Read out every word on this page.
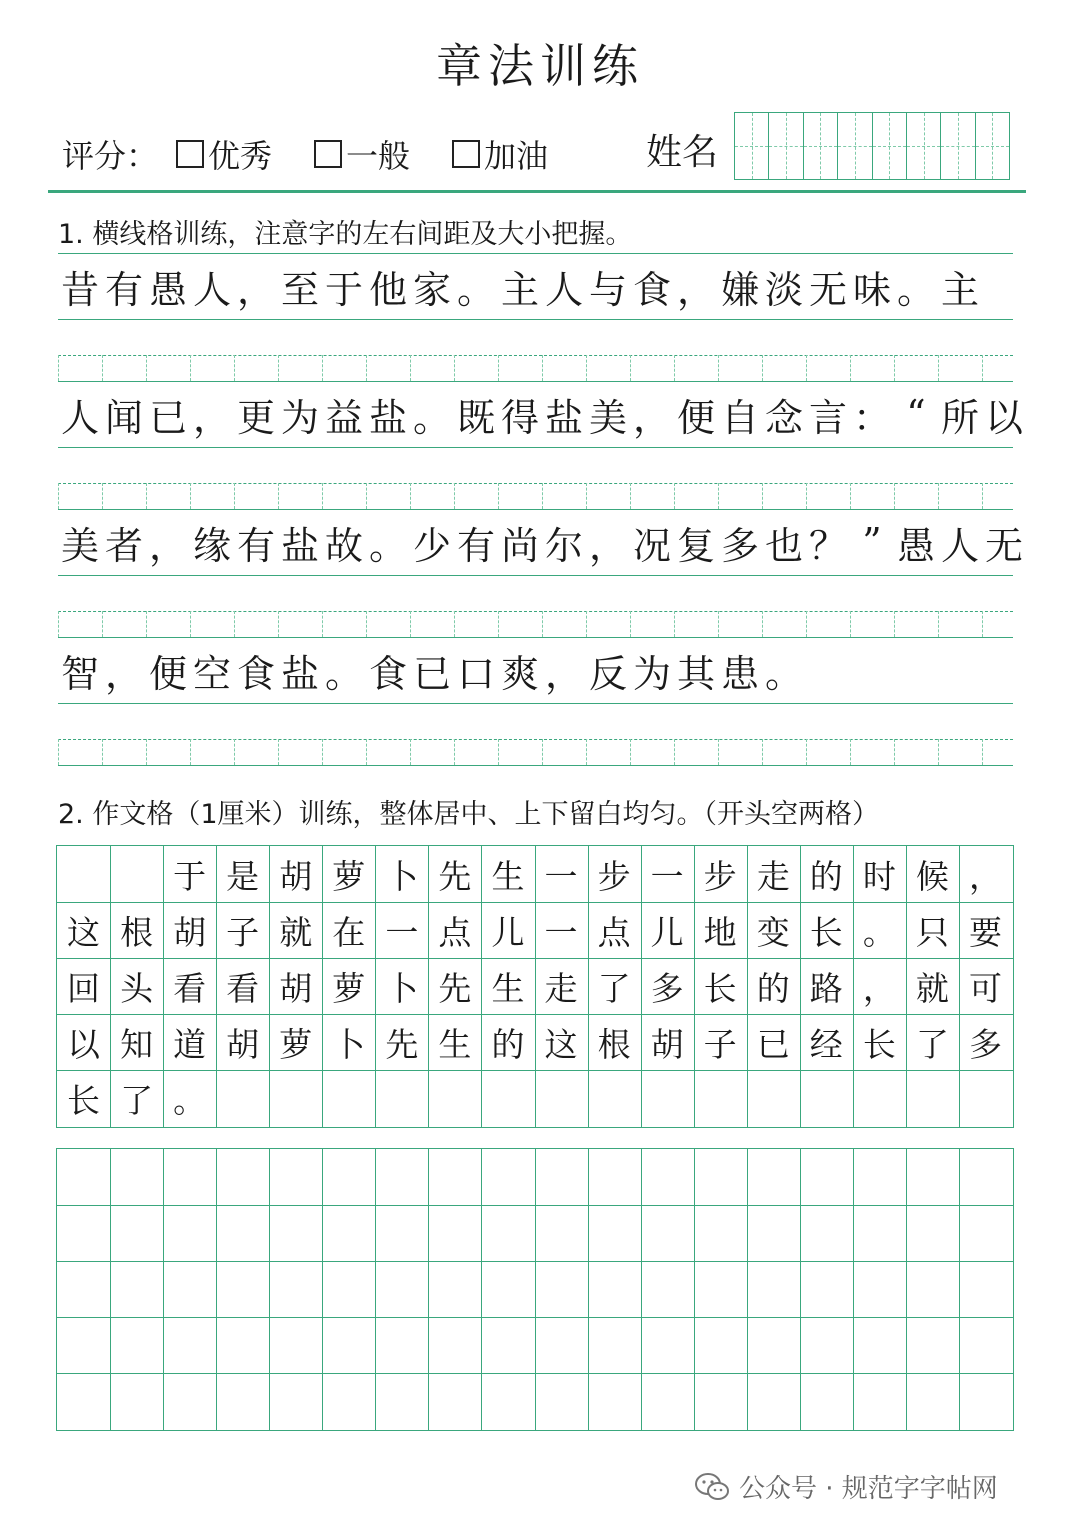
章法训练
评分： 优秀 一般 加油	姓名
1. 横线格训练，注意字的左右间距及大小把握。
昔 有 愚 人 ， 至 于 他 家 。 主 人 与 食 ， 嫌 淡 无 味 。 主
人 闻 已 ， 更 为 益 盐 。 既 得 盐 美 ， 便 自 念 言 ： “ 所 以
美 者 ， 缘 有 盐 故 。 少 有 尚 尔 ， 况 复 多 也 ？ ” 愚 人 无
智 ， 便 空 食 盐 。 食 已 口 爽 ， 反 为 其 患 。
2. 作文格（1厘米）训练，整体居中、上下留白均匀。（开头空两格）
于 是 胡 萝 卜 先 生 一 步 一 步 走 的 时 候 ，
这 根 胡 子 就 在 一 点 儿 一 点 儿 地 变 长 。 只 要
回 头 看 看 胡 萝 卜 先 生 走 了 多 长 的 路 ， 就 可
以 知 道 胡 萝 卜 先 生 的 这 根 胡 子 已 经 长 了 多
长 了 。
公众号 · 规范字字帖网
